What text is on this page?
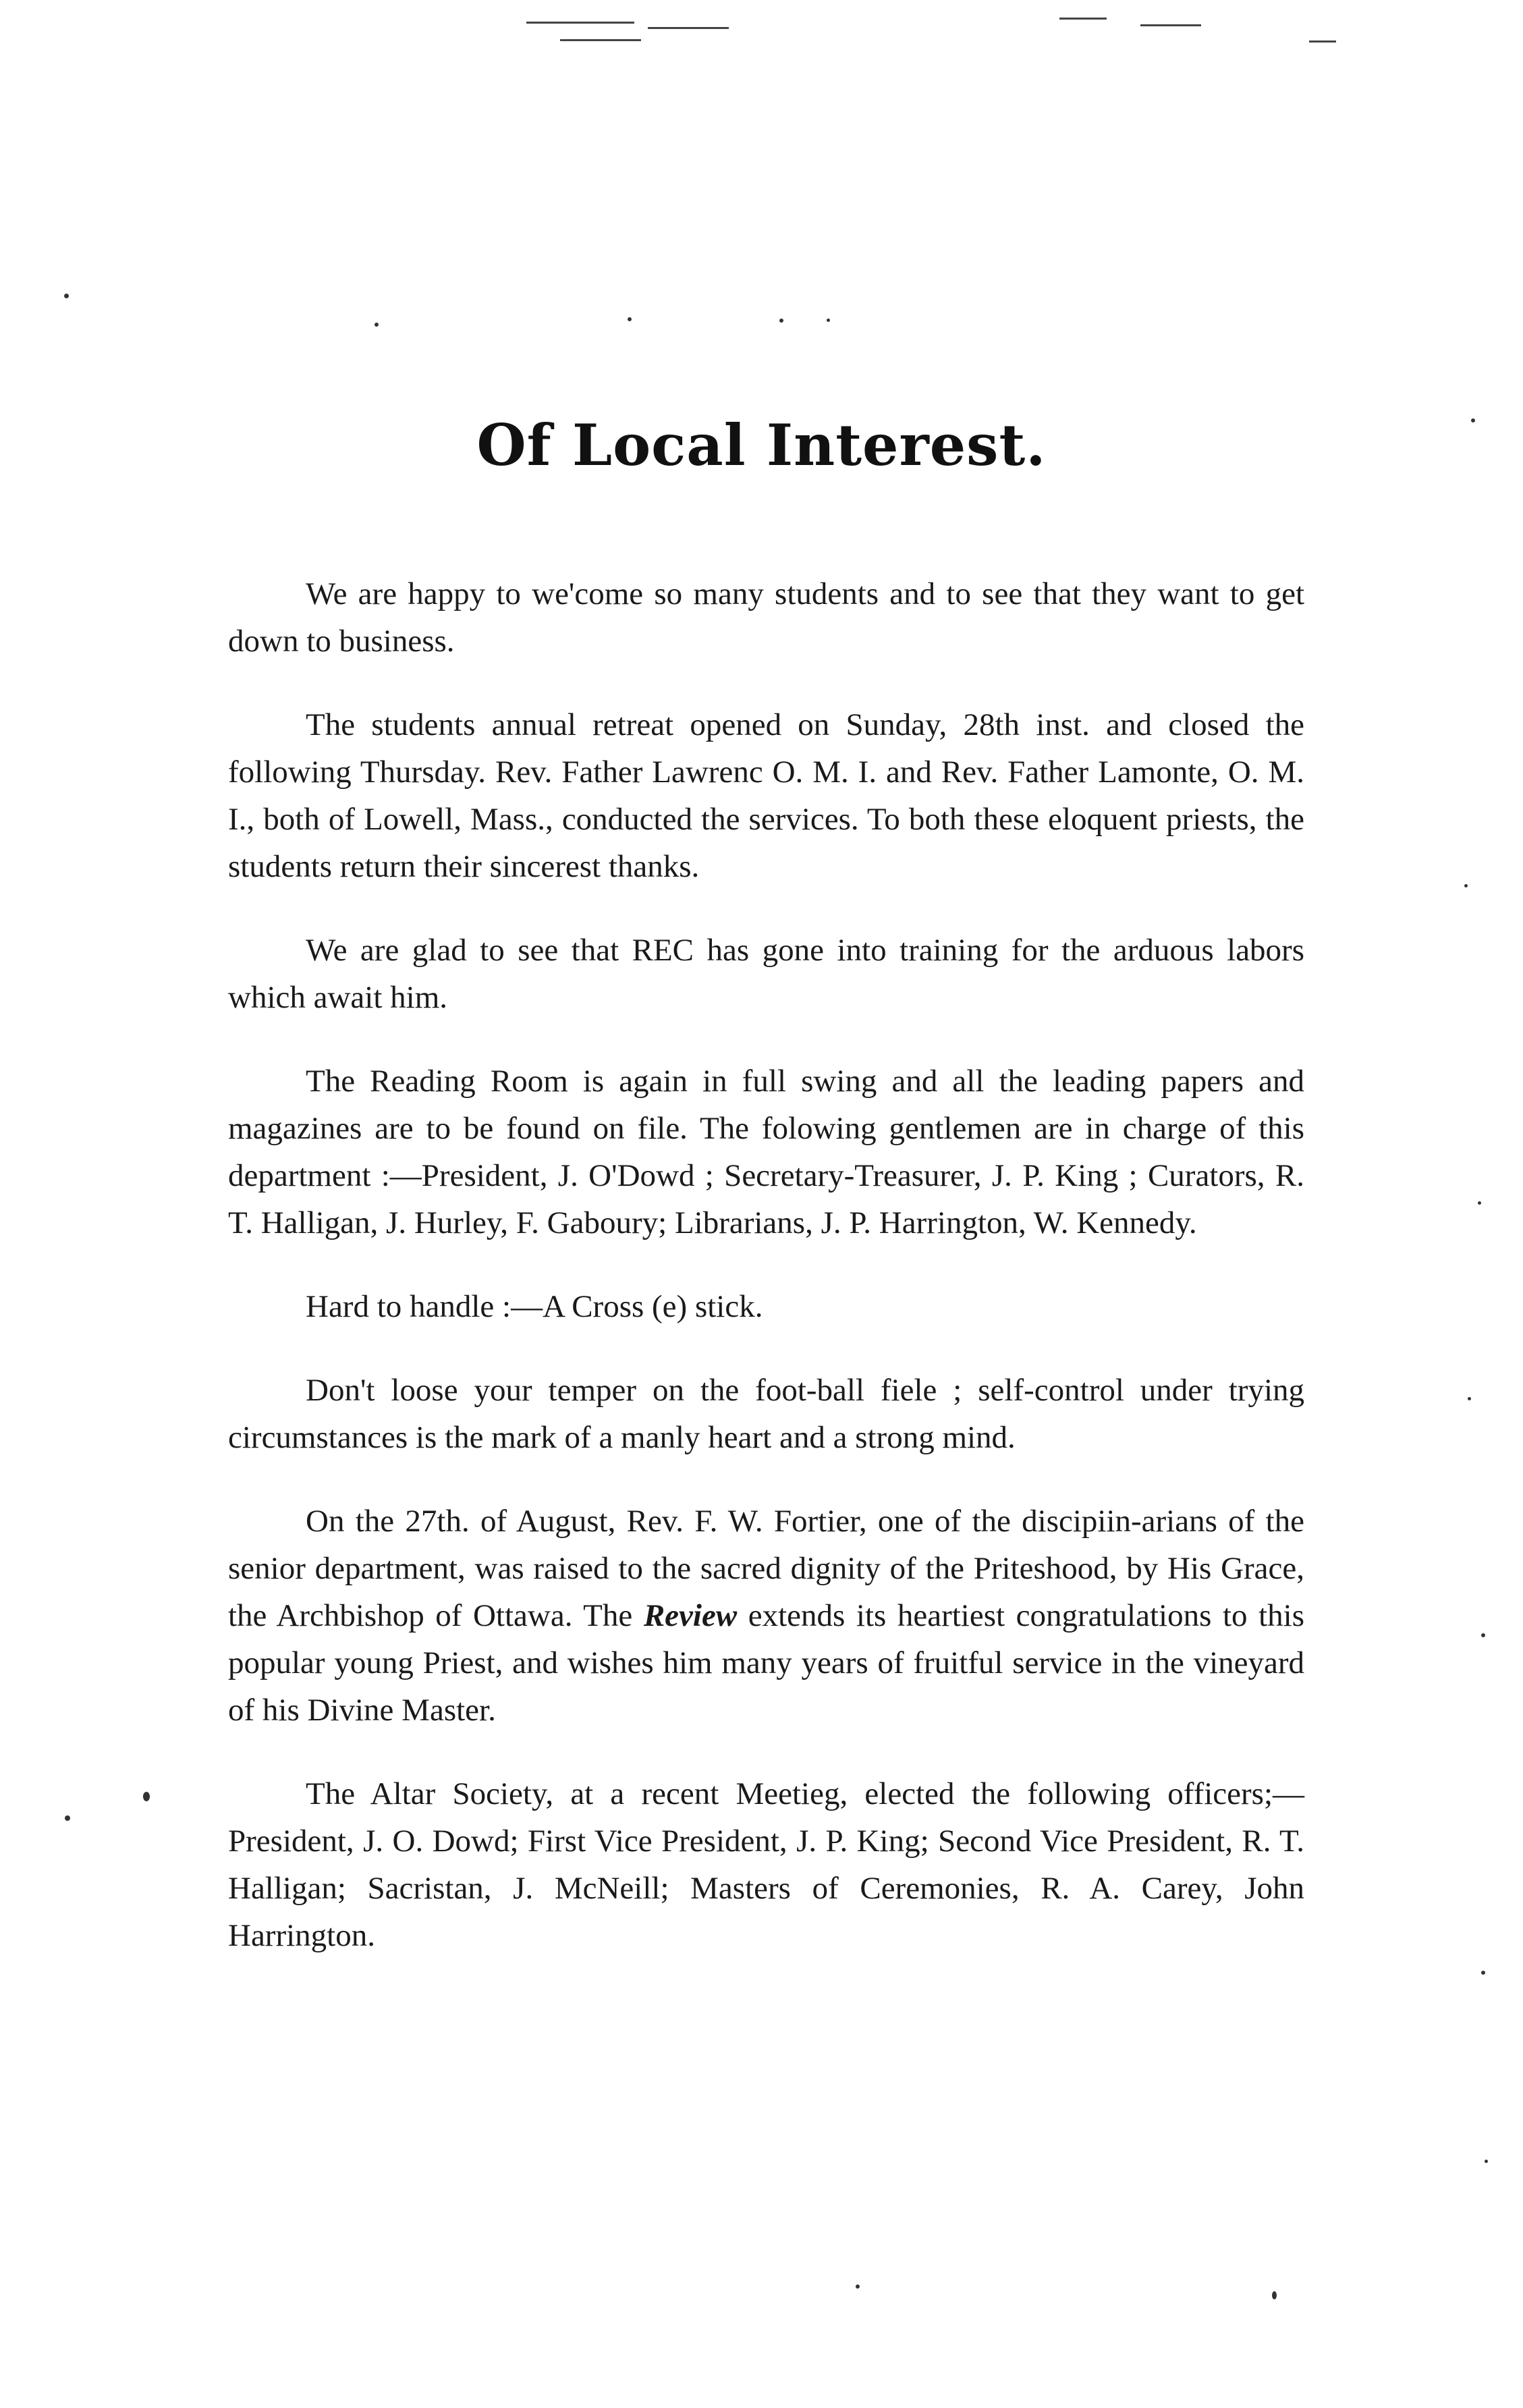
Of Local Interest.

We are happy to we'come so many students and to see that they want to get down to business.

The students annual retreat opened on Sunday, 28th inst. and closed the following Thursday. Rev. Father Lawrenc O. M. I. and Rev. Father Lamonte, O. M. I., both of Lowell, Mass., conducted the services. To both these eloquent priests, the students return their sincerest thanks.

We are glad to see that REC has gone into training for the arduous labors which await him.

The Reading Room is again in full swing and all the leading papers and magazines are to be found on file. The folowing gentlemen are in charge of this department :—President, J. O'Dowd ; Secretary-Treasurer, J. P. King ; Curators, R. T. Halligan, J. Hurley, F. Gaboury; Librarians, J. P. Harrington, W. Kennedy.

Hard to handle :—A Cross (e) stick.

Don't loose your temper on the foot-ball fiele ; self-control under trying circumstances is the mark of a manly heart and a strong mind.

On the 27th. of August, Rev. F. W. Fortier, one of the discipiin-arians of the senior department, was raised to the sacred dignity of the Priteshood, by His Grace, the Archbishop of Ottawa. The Review extends its heartiest congratulations to this popular young Priest, and wishes him many years of fruitful service in the vineyard of his Divine Master.

The Altar Society, at a recent Meetieg, elected the following officers;—President, J. O. Dowd; First Vice President, J. P. King; Second Vice President, R. T. Halligan; Sacristan, J. McNeill; Masters of Ceremonies, R. A. Carey, John Harrington.
